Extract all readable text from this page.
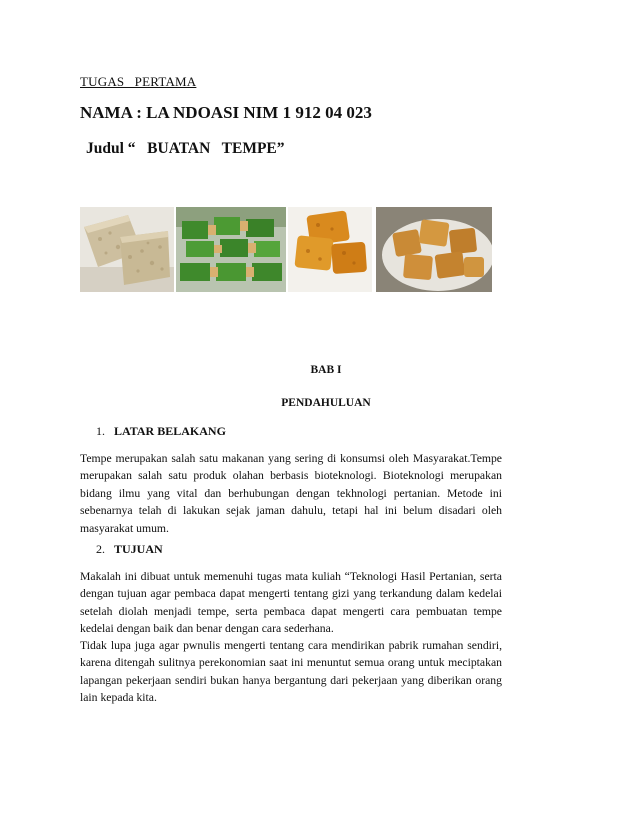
TUGAS   PERTAMA
NAMA : LA NDOASI NIM 1 912 04 023
Judul “   BUATAN   TEMPE”
BAB I
PENDAHULUAN
1. LATAR BELAKANG
Tempe merupakan salah satu makanan yang sering di konsumsi oleh Masyarakat.Tempe merupakan salah satu produk olahan berbasis bioteknologi. Bioteknologi merupakan bidang ilmu yang vital dan berhubungan dengan tekhnologi pertanian. Metode ini sebenarnya telah di lakukan sejak jaman dahulu, tetapi hal ini belum disadari oleh masyarakat umum.
2. TUJUAN
Makalah ini dibuat untuk memenuhi tugas mata kuliah “Teknologi Hasil Pertanian, serta dengan tujuan agar pembaca dapat mengerti tentang gizi yang terkandung dalam kedelai setelah diolah menjadi tempe, serta pembaca dapat mengerti cara pembuatan tempe kedelai dengan baik dan benar dengan cara sederhana.
Tidak lupa juga agar pwnulis mengerti tentang cara mendirikan pabrik rumahan sendiri, karena ditengah sulitnya perekonomian saat ini menuntut semua orang untuk meciptakan lapangan pekerjaan sendiri bukan hanya bergantung dari pekerjaan yang diberikan orang lain kepada kita.
